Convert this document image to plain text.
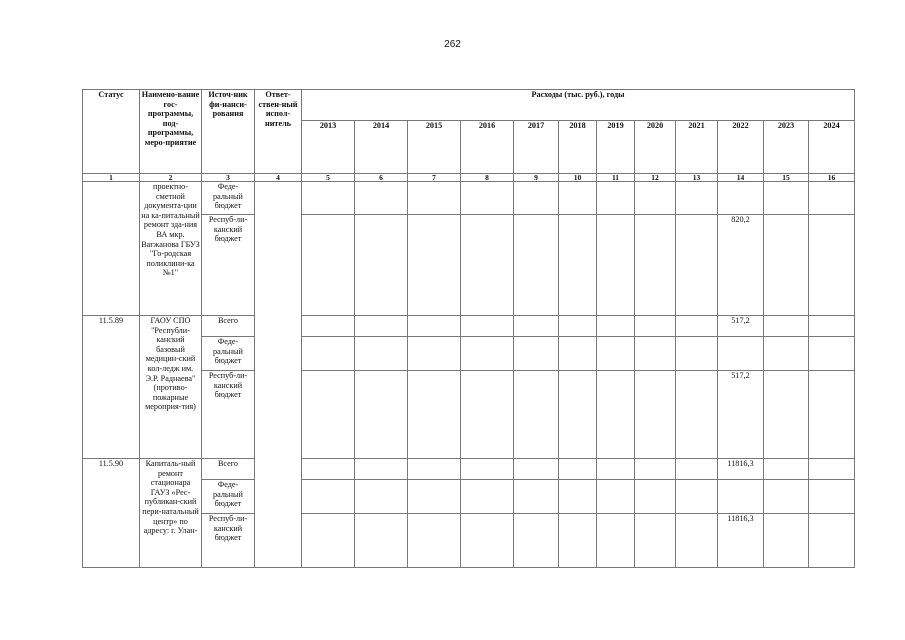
262
Статус	Наимено-вание гос-программы, под-программы, меро-приятие	Источ-ник фи-нанси-рования	Ответ-ствен-ный испол-нитель	Расходы (тыс. руб.), годы											
				2013	2014	2015	2016	2017	2018	2019	2020	2021	2022	2023	2024
1	2	3	4	5	6	7	8	9	10	11	12	13	14	15	16
	проектно-сметной документа-ции на ка-питальный ремонт зда-ния ВА мкр. Вагжанова ГБУЗ "Го-родская поликлини-ка №1"	Феде-ральный бюджет													
		Респуб-ли-канский бюджет											820,2		
11.5.89	ГАОУ СПО "Республи-канский базовый медицин-ский кол-ледж им. Э.Р. Раднаева" (противо-пожарные мероприя-тия)	Всего											517,2		
		Феде-ральный бюджет													
		Респуб-ли-канский бюджет											517,2		
11.5.90	Капиталь-ный ремонт стационара ГАУЗ «Рес-публикан-ский пери-натальный центр» по адресу: г. Улан-	Всего											11816,3		
		Феде-ральный бюджет													
		Респуб-ли-канский бюджет											11816,3		
